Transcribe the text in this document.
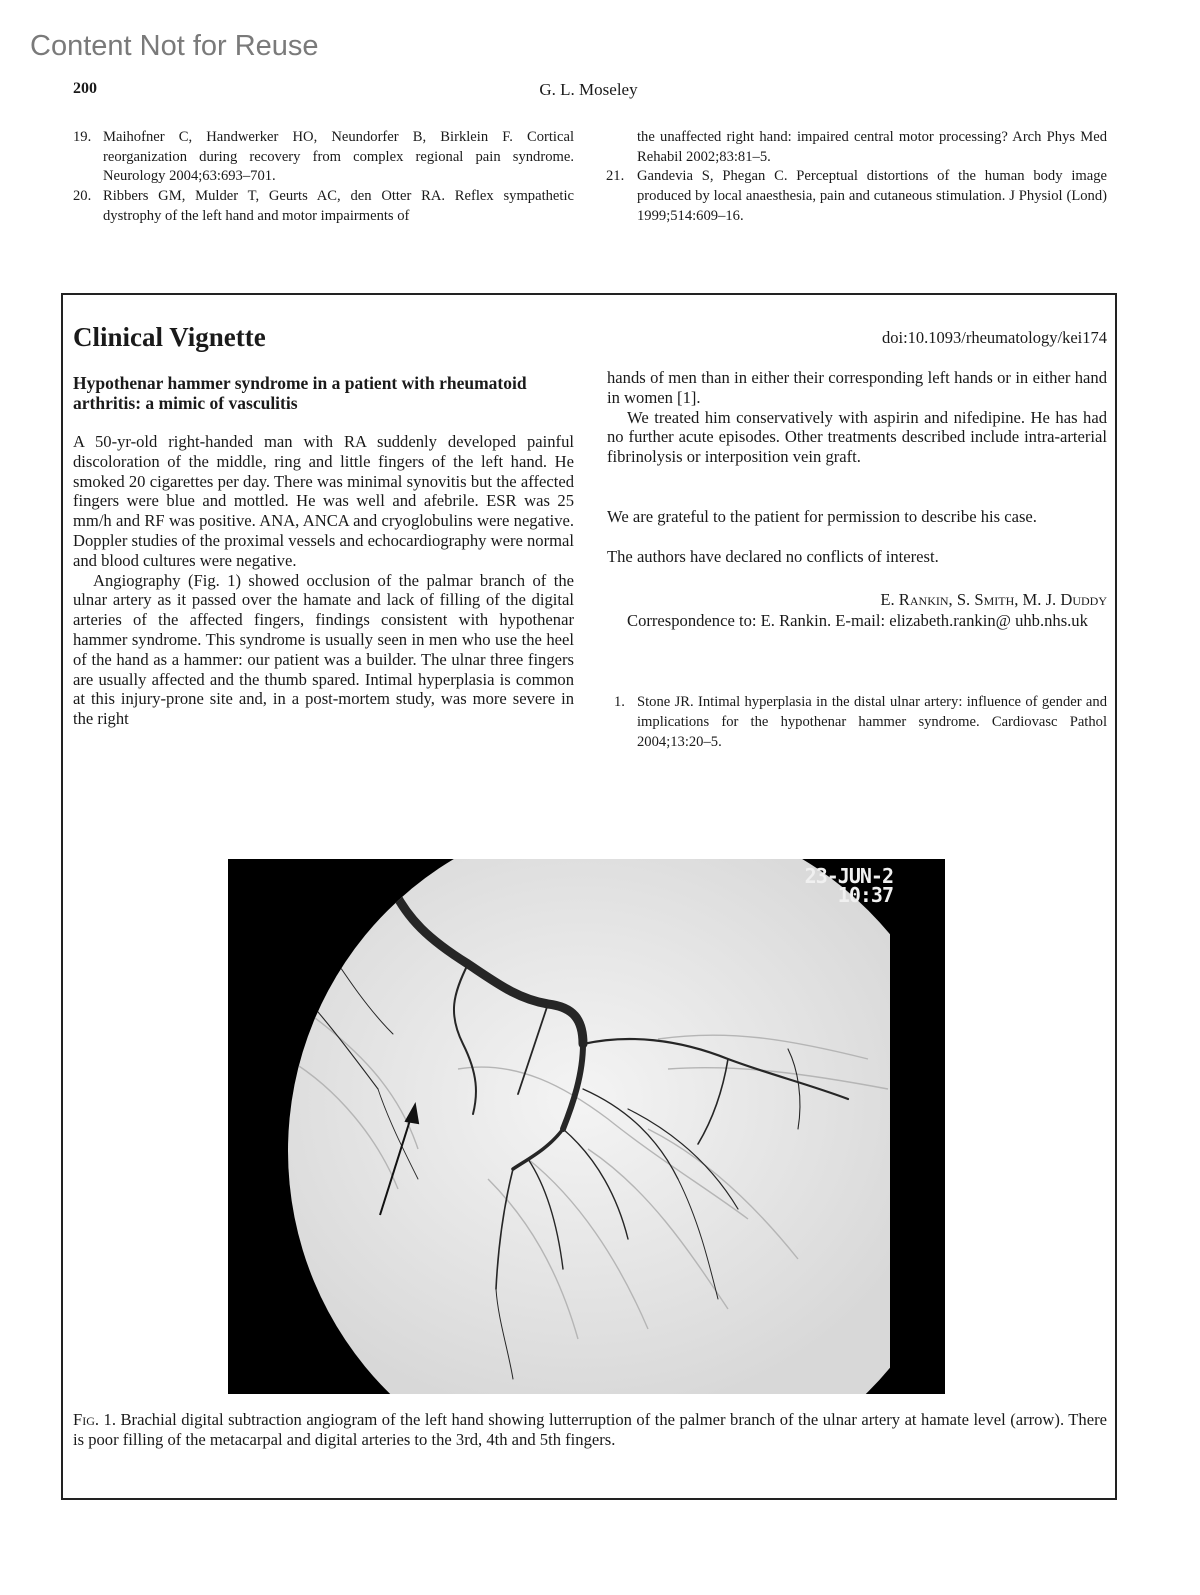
Content Not for Reuse
200	G. L. Moseley
19. Maihofner C, Handwerker HO, Neundorfer B, Birklein F. Cortical reorganization during recovery from complex regional pain syndrome. Neurology 2004;63:693–701.
20. Ribbers GM, Mulder T, Geurts AC, den Otter RA. Reflex sympathetic dystrophy of the left hand and motor impairments of
the unaffected right hand: impaired central motor processing? Arch Phys Med Rehabil 2002;83:81–5.
21. Gandevia S, Phegan C. Perceptual distortions of the human body image produced by local anaesthesia, pain and cutaneous stimulation. J Physiol (Lond) 1999;514:609–16.
Clinical Vignette	doi:10.1093/rheumatology/kei174
Hypothenar hammer syndrome in a patient with rheumatoid arthritis: a mimic of vasculitis

A 50-yr-old right-handed man with RA suddenly developed painful discoloration of the middle, ring and little fingers of the left hand. He smoked 20 cigarettes per day. There was minimal synovitis but the affected fingers were blue and mottled. He was well and afebrile. ESR was 25 mm/h and RF was positive. ANA, ANCA and cryoglobulins were negative. Doppler studies of the proximal vessels and echocardiography were normal and blood cultures were negative.

Angiography (Fig. 1) showed occlusion of the palmar branch of the ulnar artery as it passed over the hamate and lack of filling of the digital arteries of the affected fingers, findings consistent with hypothenar hammer syndrome. This syndrome is usually seen in men who use the heel of the hand as a hammer: our patient was a builder. The ulnar three fingers are usually affected and the thumb spared. Intimal hyperplasia is common at this injury-prone site and, in a post-mortem study, was more severe in the right

hands of men than in either their corresponding left hands or in either hand in women [1].

We treated him conservatively with aspirin and nifedipine. He has had no further acute episodes. Other treatments described include intra-arterial fibrinolysis or interposition vein graft.

We are grateful to the patient for permission to describe his case.
The authors have declared no conflicts of interest.
E. Rankin, S. Smith, M. J. Duddy
Correspondence to: E. Rankin. E-mail: elizabeth.rankin@ uhb.nhs.uk
1. Stone JR. Intimal hyperplasia in the distal ulnar artery: influence of gender and implications for the hypothenar hammer syndrome. Cardiovasc Pathol 2004;13:20–5.
23-JUN-2
10:37
Fig. 1. Brachial digital subtraction angiogram of the left hand showing lutterruption of the palmer branch of the ulnar artery at hamate level (arrow). There is poor filling of the metacarpal and digital arteries to the 3rd, 4th and 5th fingers.
